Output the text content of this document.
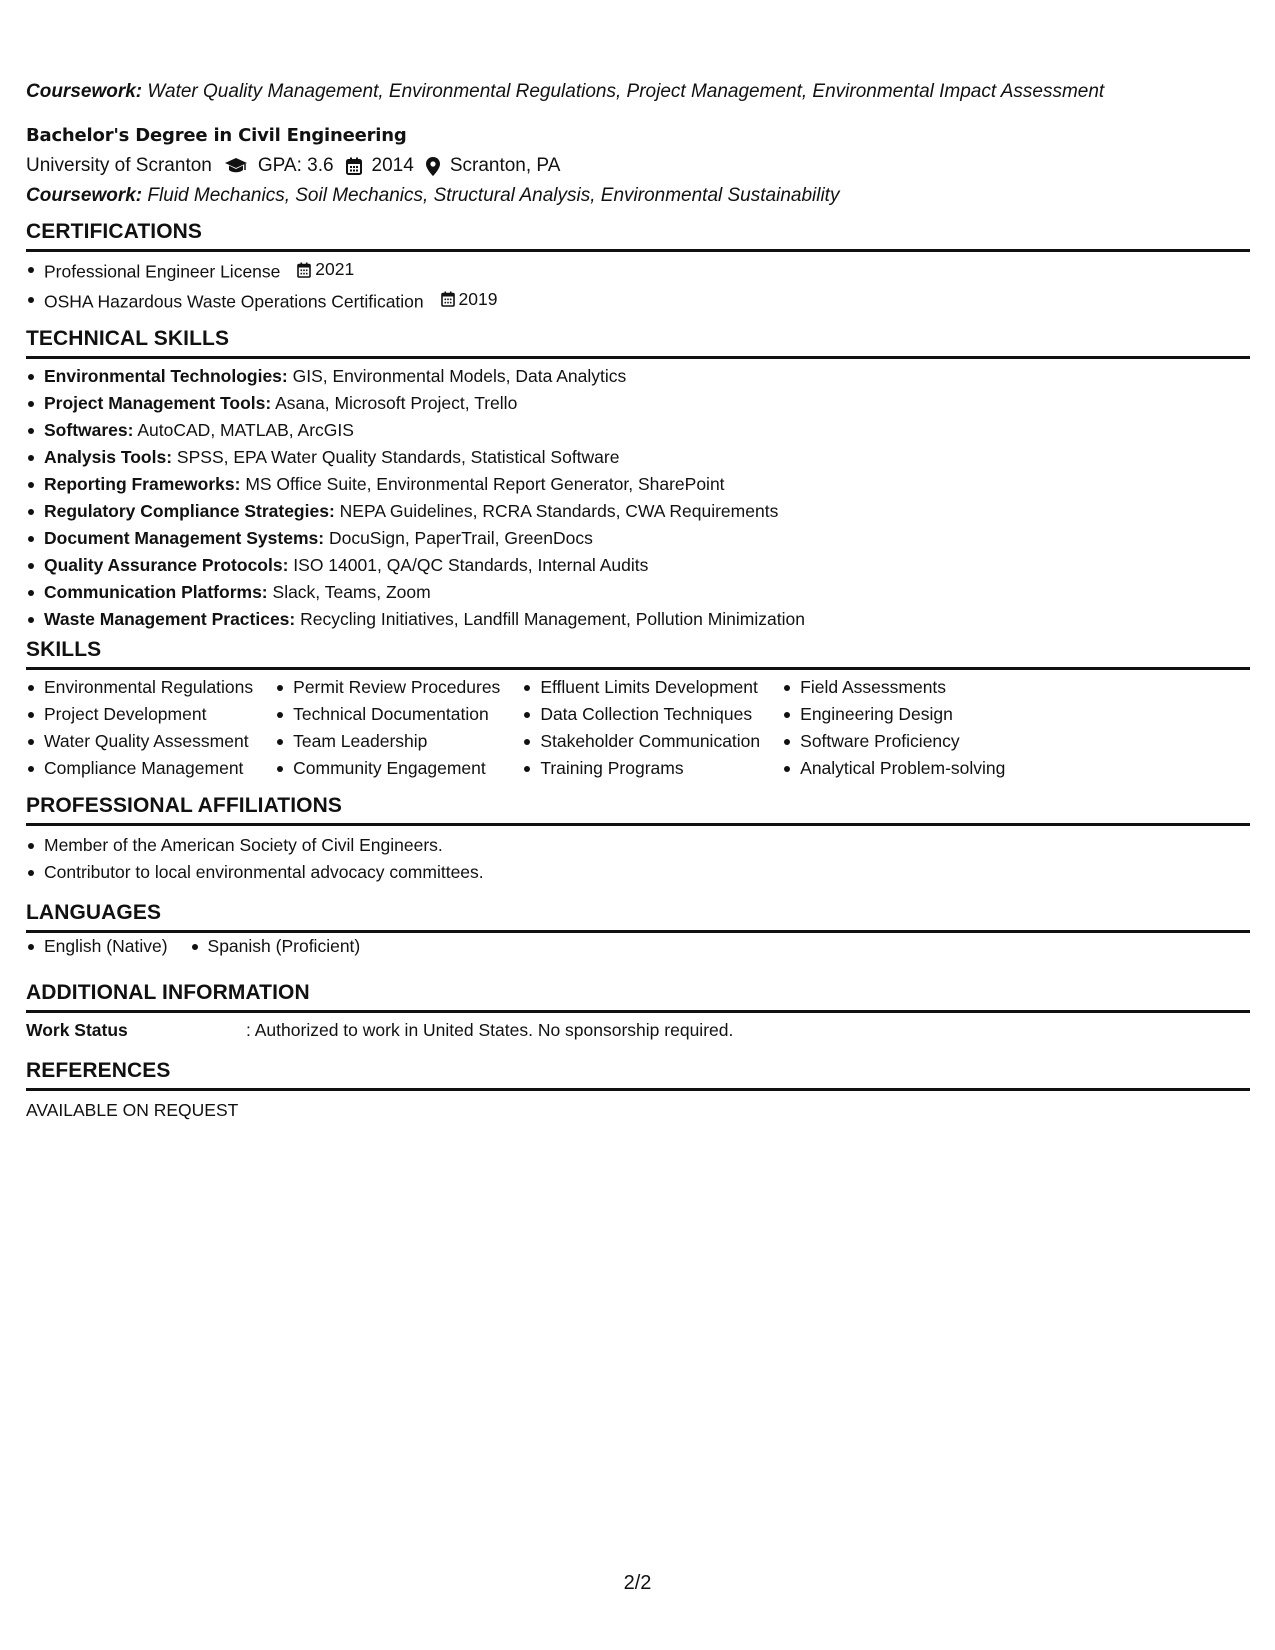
Coursework: Water Quality Management, Environmental Regulations, Project Management, Environmental Impact Assessment
Bachelor's Degree in Civil Engineering
University of Scranton GPA: 3.6 2014 Scranton, PA
Coursework: Fluid Mechanics, Soil Mechanics, Structural Analysis, Environmental Sustainability
CERTIFICATIONS
Professional Engineer License 2021
OSHA Hazardous Waste Operations Certification 2019
TECHNICAL SKILLS
Environmental Technologies: GIS, Environmental Models, Data Analytics
Project Management Tools: Asana, Microsoft Project, Trello
Softwares: AutoCAD, MATLAB, ArcGIS
Analysis Tools: SPSS, EPA Water Quality Standards, Statistical Software
Reporting Frameworks: MS Office Suite, Environmental Report Generator, SharePoint
Regulatory Compliance Strategies: NEPA Guidelines, RCRA Standards, CWA Requirements
Document Management Systems: DocuSign, PaperTrail, GreenDocs
Quality Assurance Protocols: ISO 14001, QA/QC Standards, Internal Audits
Communication Platforms: Slack, Teams, Zoom
Waste Management Practices: Recycling Initiatives, Landfill Management, Pollution Minimization
SKILLS
Environmental Regulations
Project Development
Water Quality Assessment
Compliance Management
Permit Review Procedures
Technical Documentation
Team Leadership
Community Engagement
Effluent Limits Development
Data Collection Techniques
Stakeholder Communication
Training Programs
Field Assessments
Engineering Design
Software Proficiency
Analytical Problem-solving
PROFESSIONAL AFFILIATIONS
Member of the American Society of Civil Engineers.
Contributor to local environmental advocacy committees.
LANGUAGES
English (Native)	Spanish (Proficient)
ADDITIONAL INFORMATION
Work Status	: Authorized to work in United States. No sponsorship required.
REFERENCES
AVAILABLE ON REQUEST
2/2
